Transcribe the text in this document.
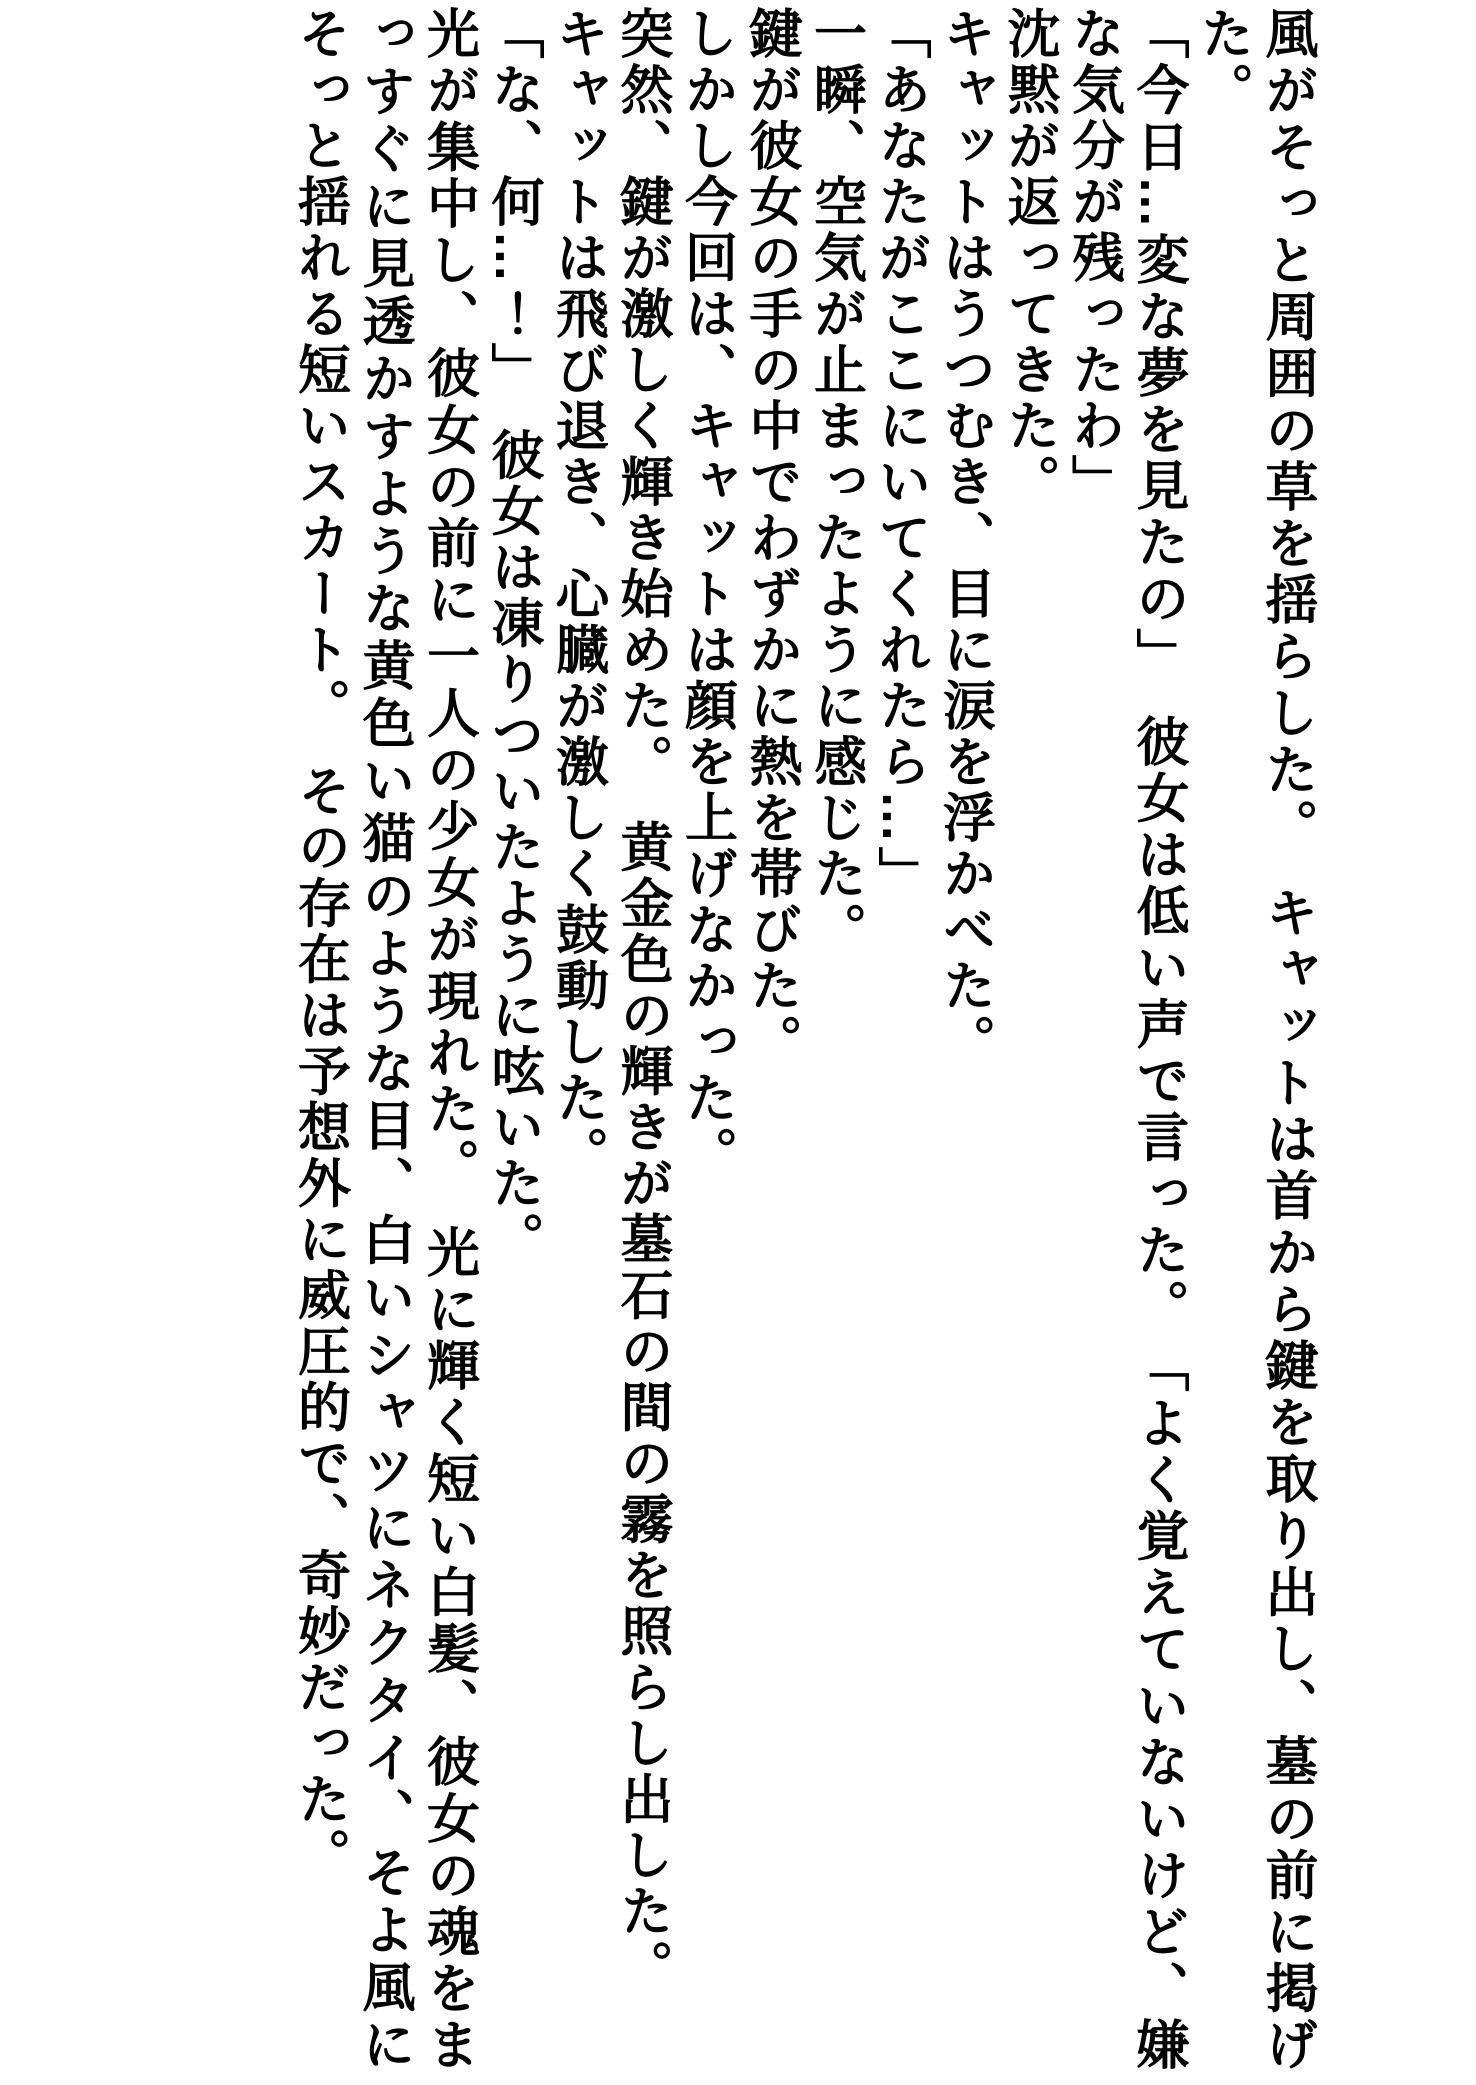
風がそっと周囲の草を揺らした。　キャットは首から鍵を取り出し、墓の前に掲げた。

「今日…変な夢を見たの」　彼女は低い声で言った。　「よく覚えていないけど、嫌な気分が残ったわ」

沈黙が返ってきた。

キャットはうつむき、目に涙を浮かべた。

「あなたがここにいてくれたら…」

一瞬、空気が止まったように感じた。

鍵が彼女の手の中でわずかに熱を帯びた。

しかし今回は、キャットは顔を上げなかった。

突然、鍵が激しく輝き始めた。　黄金色の輝きが墓石の間の霧を照らし出した。

キャットは飛び退き、心臓が激しく鼓動した。

「な、何…！」　彼女は凍りついたように呟いた。

光が集中し、彼女の前に一人の少女が現れた。　光に輝く短い白髪、彼女の魂をまっすぐに見透かすような黄色い猫のような目、白いシャツにネクタイ、そよ風にそっと揺れる短いスカート。　その存在は予想外に威圧的で、奇妙だった。
